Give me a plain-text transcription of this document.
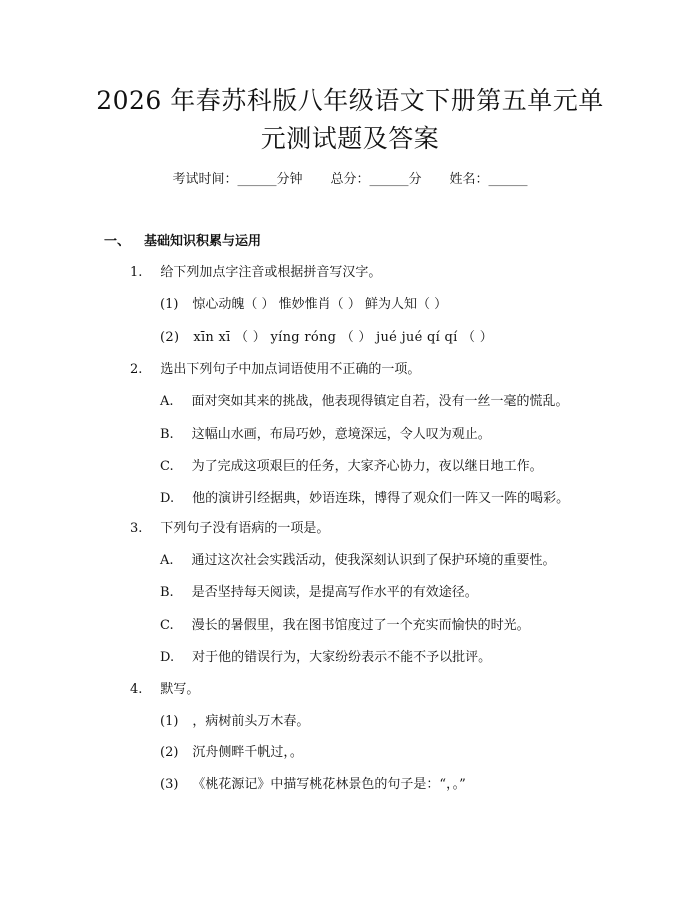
2026 年春苏科版八年级语文下册第五单元单
元测试题及答案
考试时间：______分钟 总分：______分 姓名：______
一、 基础知识积累与运用
1. 给下列加点字注音或根据拼音写汉字。
(1) 惊心动魄（ ） 惟妙惟肖（ ） 鲜为人知（ ）
(2) xīn xī （ ） yíng róng （ ） jué jué qí qí （ ）
2. 选出下列句子中加点词语使用不正确的一项。
A. 面对突如其来的挑战，他表现得镇定自若，没有一丝一毫的慌乱。
B. 这幅山水画，布局巧妙，意境深远，令人叹为观止。
C. 为了完成这项艰巨的任务，大家齐心协力，夜以继日地工作。
D. 他的演讲引经据典，妙语连珠，博得了观众们一阵又一阵的喝彩。
3. 下列句子没有语病的一项是。
A. 通过这次社会实践活动，使我深刻认识到了保护环境的重要性。
B. 是否坚持每天阅读，是提高写作水平的有效途径。
C. 漫长的暑假里，我在图书馆度过了一个充实而愉快的时光。
D. 对于他的错误行为，大家纷纷表示不能不予以批评。
4. 默写。
(1) ，病树前头万木春。
(2) 沉舟侧畔千帆过，。
(3) 《桃花源记》中描写桃花林景色的句子是：“，。”
